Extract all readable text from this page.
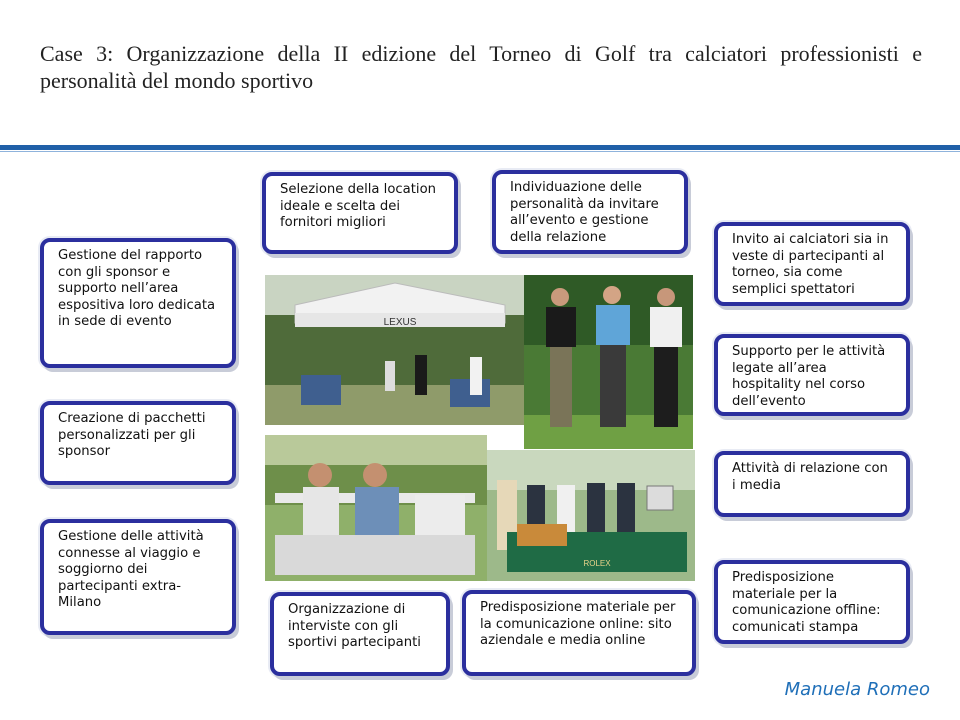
Case 3: Organizzazione della II edizione del Torneo di Golf tra calciatori professionisti e personalità del mondo sportivo
Selezione della location ideale e scelta dei fornitori migliori
Individuazione delle personalità da invitare all’evento e gestione della relazione
Gestione del rapporto con gli sponsor e supporto nell’area espositiva loro dedicata in sede di evento
Invito ai calciatori sia in veste di partecipanti al torneo, sia come semplici spettatori
Supporto per le attività legate all’area hospitality nel corso dell’evento
Creazione di pacchetti personalizzati per gli sponsor
Attività di relazione con i media
Gestione delle attività connesse al viaggio e soggiorno dei partecipanti extra-Milano
Predisposizione materiale per la comunicazione offline: comunicati stampa
Organizzazione di interviste con gli sportivi partecipanti
Predisposizione materiale per la comunicazione online: sito aziendale e media online
LEXUS
ROLEX
Manuela Romeo
